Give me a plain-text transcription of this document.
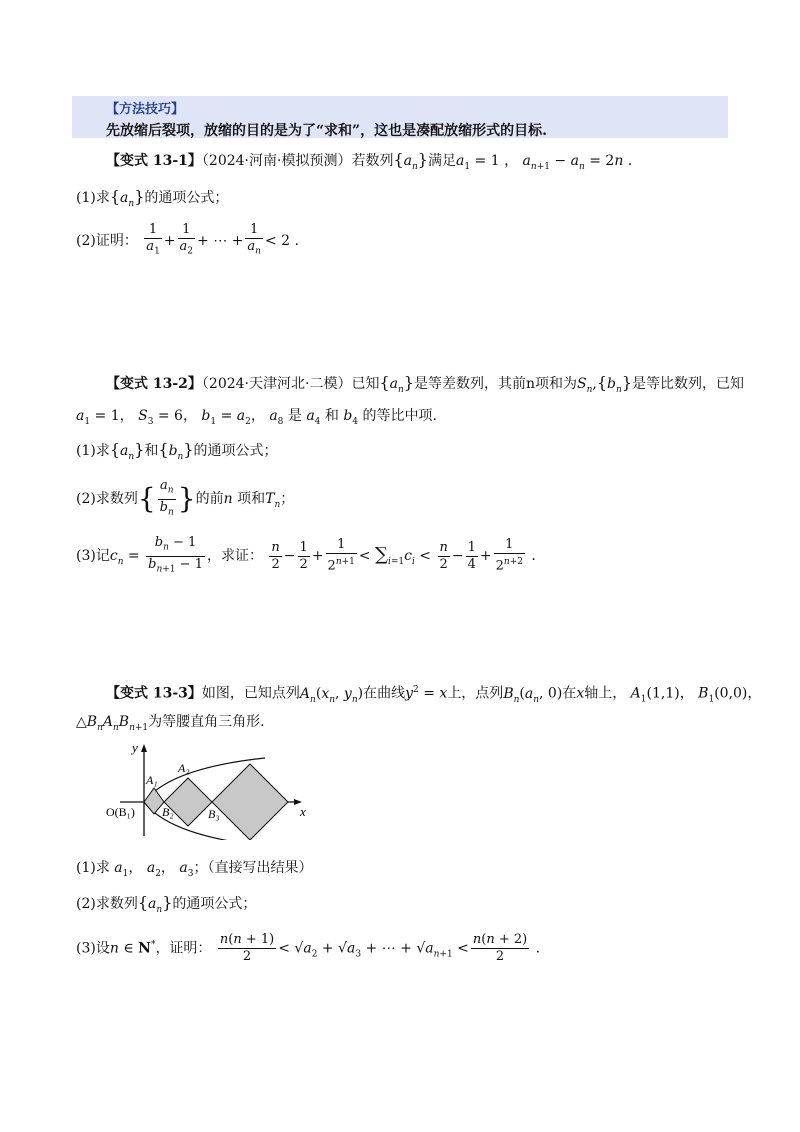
【方法技巧】
先放缩后裂项，放缩的目的是为了“求和”，这也是凑配放缩形式的目标.
【变式 13-1】（2024·河南·模拟预测）若数列$\{a_n\}$满足$a_1 = 1$ ， $a_{n+1} - a_n = 2n$ .
(1)求$\{a_n\}$的通项公式；
(2)证明： $\frac{1}{a_1} + \frac{1}{a_2}$ + ⋯ + $\frac{1}{a_n} < 2$ .
【变式 13-2】（2024·天津河北·二模）已知$\{a_n\}$是等差数列，其前n项和为$S_n,\{b_n\}$是等比数列，已知
$a_1 = 1$， $S_3 = 6$， $b_1 = a_2$， $a_8$ 是 $a_4$ 和 $b_4$ 的等比中项.
(1)求$\{a_n\}$和$\{b_n\}$的通项公式；
(2)求数列{ $\frac{a_n}{b_n}$ }的前n 项和$T_n$；
(3)记$c_n = \frac{b_n - 1}{b_{n+1} - 1}$ ，求证： $\frac{n}{2} - \frac{1}{2} + \frac{1}{2^{n+1}} < \sum_{i=1}c_i < \frac{n}{2} - \frac{1}{4} + \frac{1}{2^{n+2}}$ .
【变式 13-3】如图，已知点列$A_n(x_n$, $y_n$)在曲线$y^2 = x$上，点列$B_n(a_n$, 0)在x轴上， $A_1(1,1)$， $B_1(0,0)$，
$\triangle B_nA_nB_{n+1}$为等腰直角三角形.
y
x
O(B₁)
A₁
A₂
B₂	B₃
(1)求 $a_1$， $a_2$， $a_3$；（直接写出结果）
(2)求数列$\{a_n\}$的通项公式；
(3)设n ∈ N*，证明： $\frac{n(n + 1)}{2} < √a_2 + √a_3$ + ⋯ + $√a_{n+1} < \frac{n(n + 2)}{2}$ .
